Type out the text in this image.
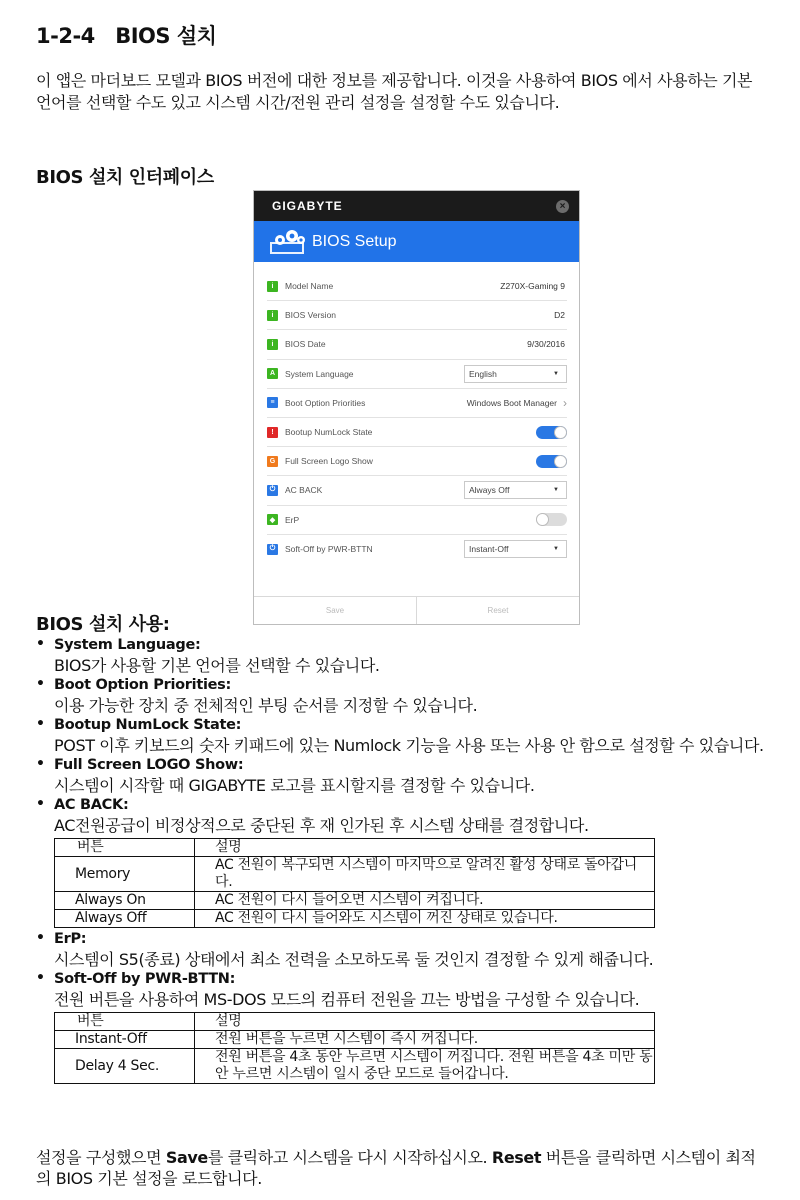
1-2-4 BIOS 설치
이 앱은 마더보드 모델과 BIOS 버전에 대한 정보를 제공합니다. 이것을 사용하여 BIOS 에서 사용하는 기본 언어를 선택할 수도 있고 시스템 시간/전원 관리 설정을 설정할 수도 있습니다.
BIOS 설치 인터페이스
GIGABYTE	×
BIOS Setup
i	Model Name	Z270X-Gaming 9
i	BIOS Version	D2
i	BIOS Date	9/30/2016
A	System Language	English	▼
≡	Boot Option Priorities	Windows Boot Manager ›
!	Bootup NumLock State
G	Full Screen Logo Show
⏻	AC BACK	Always Off	▼
◆	ErP
⏻	Soft-Off by PWR-BTTN	Instant-Off	▼
Save	Reset
BIOS 설치 사용:
• System Language:
BIOS가 사용할 기본 언어를 선택할 수 있습니다.
• Boot Option Priorities:
이용 가능한 장치 중 전체적인 부팅 순서를 지정할 수 있습니다.
• Bootup NumLock State:
POST 이후 키보드의 숫자 키패드에 있는 Numlock 기능을 사용 또는 사용 안 함으로 설정할 수 있습니다.
• Full Screen LOGO Show:
시스템이 시작할 때 GIGABYTE 로고를 표시할지를 결정할 수 있습니다.
• AC BACK:
AC전원공급이 비정상적으로 중단된 후 재 인가된 후 시스템 상태를 결정합니다.
버튼	설명
Memory	AC 전원이 복구되면 시스템이 마지막으로 알려진 활성 상태로 돌아갑니다.
Always On	AC 전원이 다시 들어오면 시스템이 켜집니다.
Always Off	AC 전원이 다시 들어와도 시스템이 꺼진 상태로 있습니다.
• ErP:
시스템이 S5(종료) 상태에서 최소 전력을 소모하도록 둘 것인지 결정할 수 있게 해줍니다.
• Soft-Off by PWR-BTTN:
전원 버튼을 사용하여 MS-DOS 모드의 컴퓨터 전원을 끄는 방법을 구성할 수 있습니다.
버튼	설명
Instant-Off	전원 버튼을 누르면 시스템이 즉시 꺼집니다.
Delay 4 Sec.	전원 버튼을 4초 동안 누르면 시스템이 꺼집니다. 전원 버튼을 4초 미만 동안 누르면 시스템이 일시 중단 모드로 들어갑니다.
설정을 구성했으면 Save를 클릭하고 시스템을 다시 시작하십시오. Reset 버튼을 클릭하면 시스템이 최적의 BIOS 기본 설정을 로드합니다.
